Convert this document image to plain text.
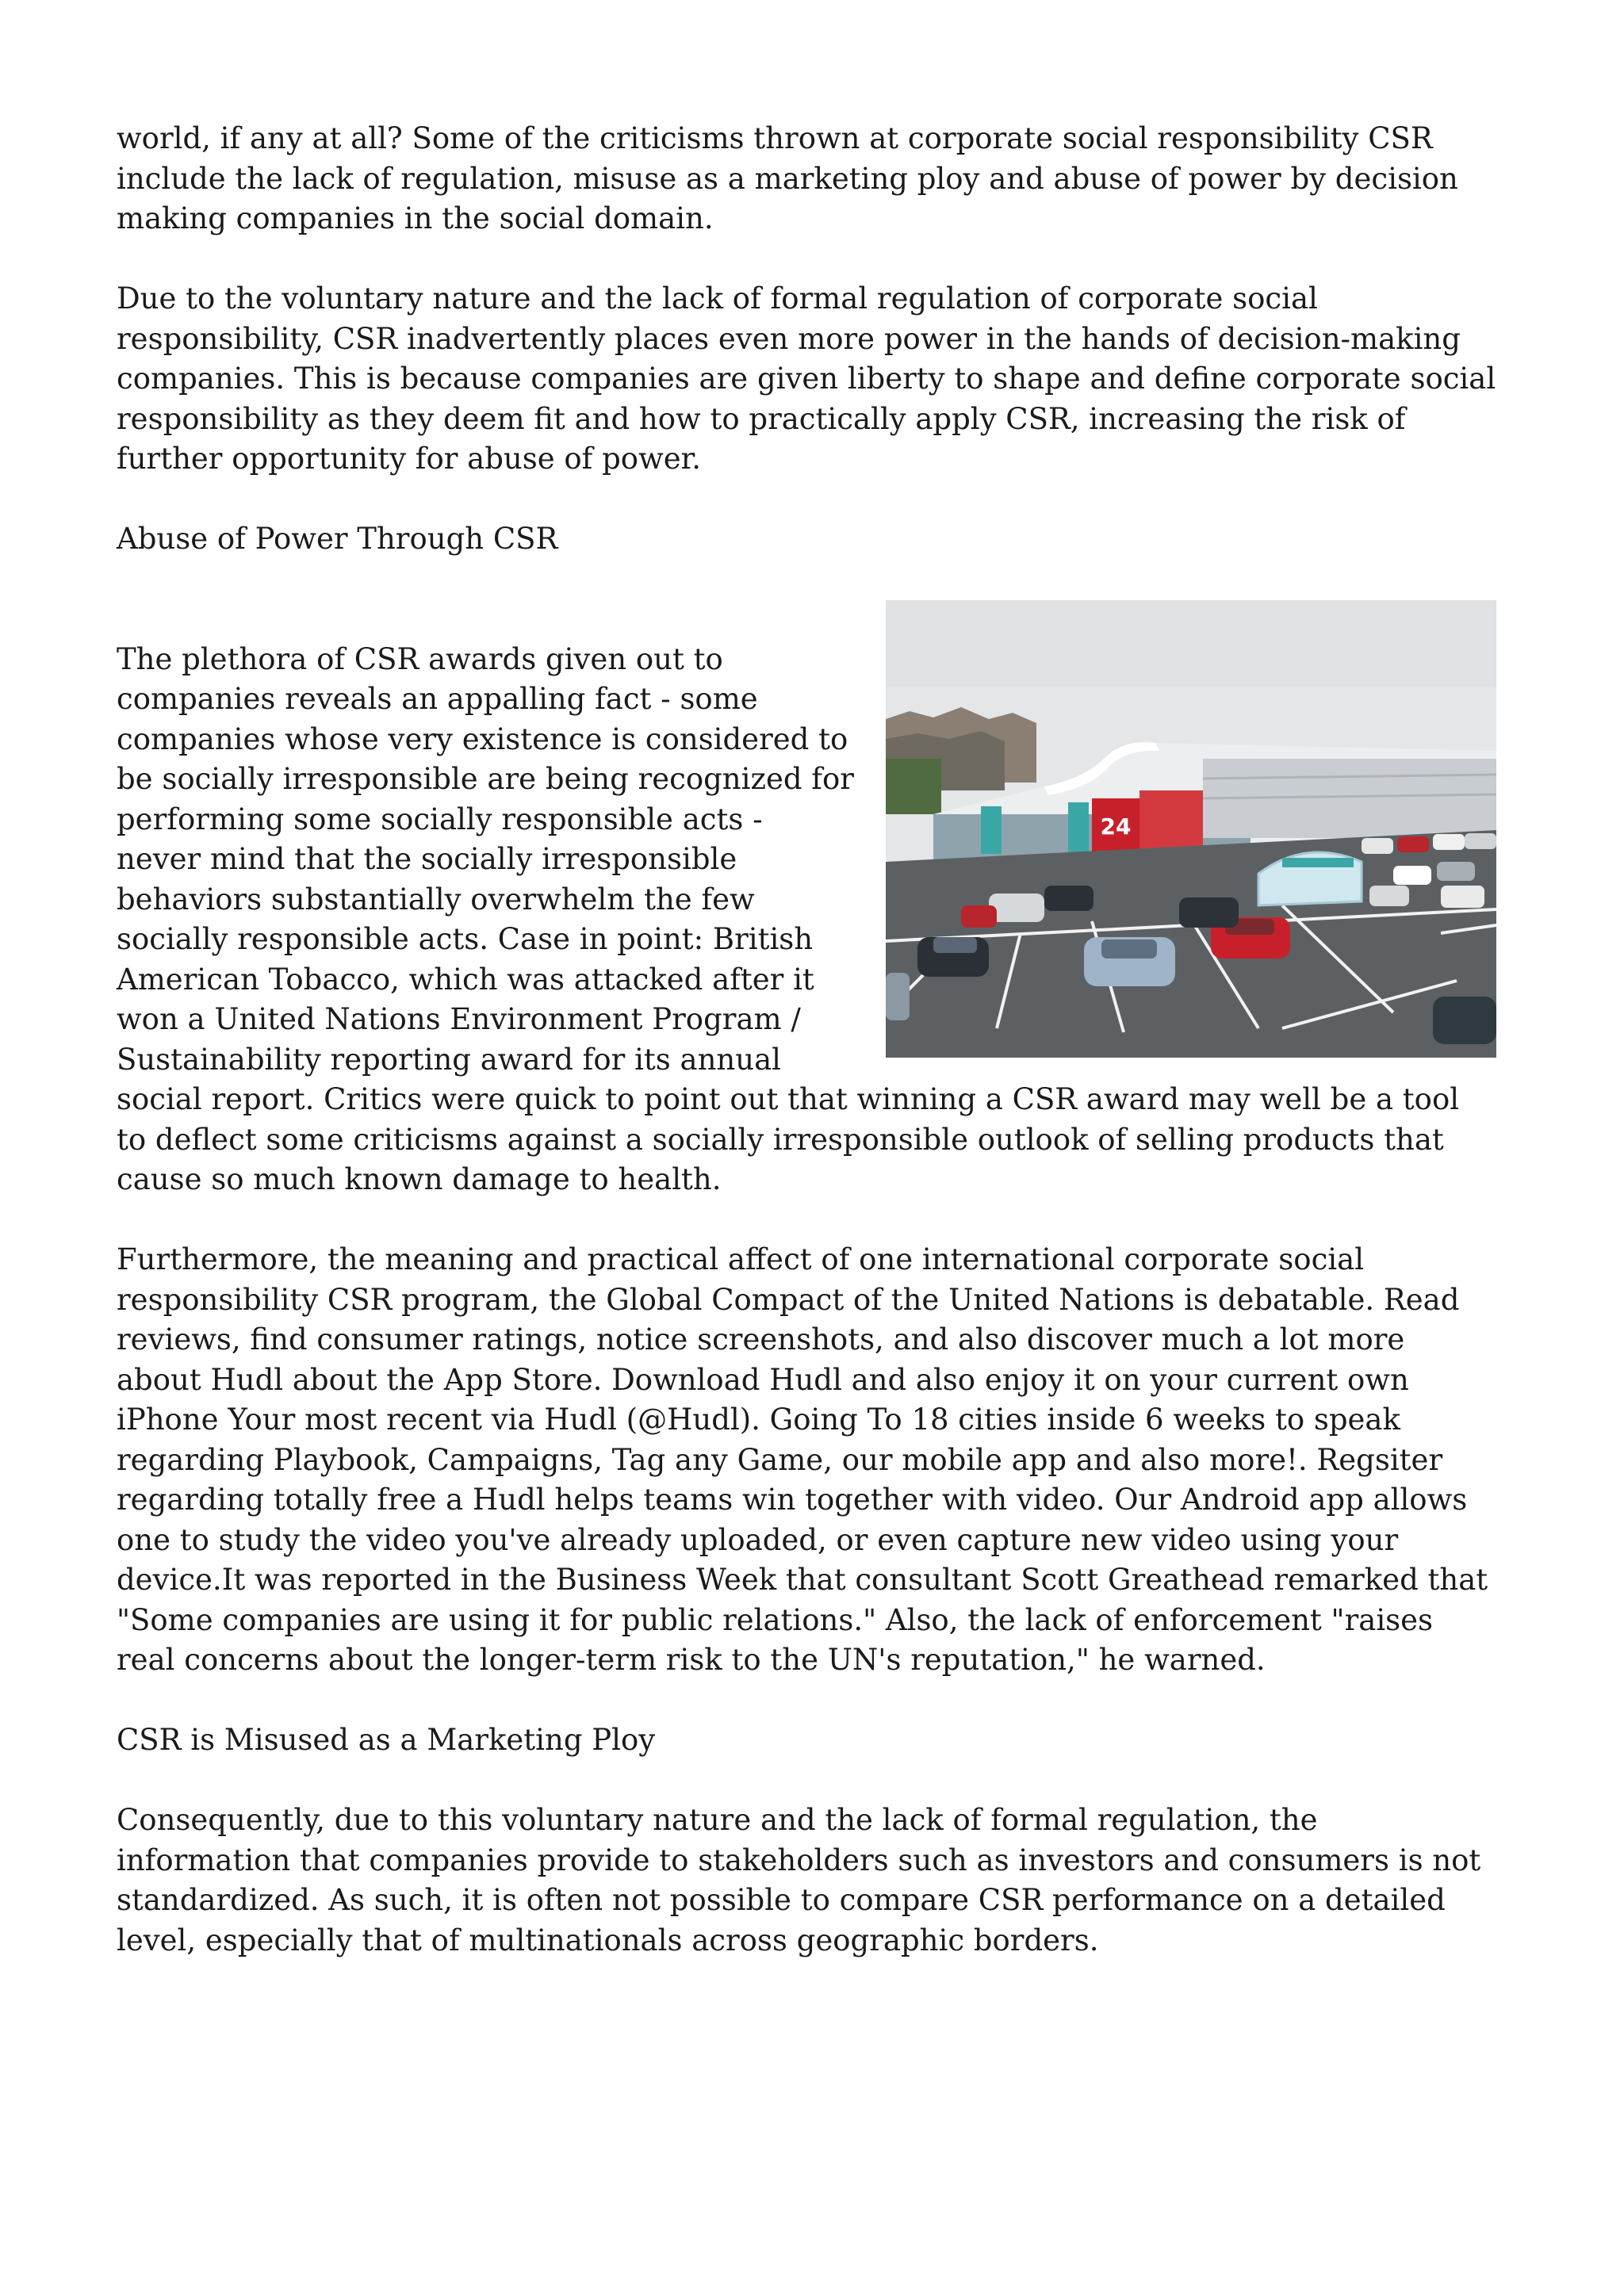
world, if any at all? Some of the criticisms thrown at corporate social responsibility CSR include the lack of regulation, misuse as a marketing ploy and abuse of power by decision making companies in the social domain.

Due to the voluntary nature and the lack of formal regulation of corporate social responsibility, CSR inadvertently places even more power in the hands of decision-making companies. This is because companies are given liberty to shape and define corporate social responsibility as they deem fit and how to practically apply CSR, increasing the risk of further opportunity for abuse of power.

Abuse of Power Through CSR

24

The plethora of CSR awards given out to companies reveals an appalling fact - some companies whose very existence is considered to be socially irresponsible are being recognized for performing some socially responsible acts - never mind that the socially irresponsible behaviors substantially overwhelm the few socially responsible acts. Case in point: British American Tobacco, which was attacked after it won a United Nations Environment Program / Sustainability reporting award for its annual social report. Critics were quick to point out that winning a CSR award may well be a tool to deflect some criticisms against a socially irresponsible outlook of selling products that cause so much known damage to health.

Furthermore, the meaning and practical affect of one international corporate social responsibility CSR program, the Global Compact of the United Nations is debatable. Read reviews, find consumer ratings, notice screenshots, and also discover much a lot more about Hudl about the App Store. Download Hudl and also enjoy it on your current own iPhone Your most recent via Hudl (@Hudl). Going To 18 cities inside 6 weeks to speak regarding Playbook, Campaigns, Tag any Game, our mobile app and also more!. Regsiter regarding totally free a Hudl helps teams win together with video. Our Android app allows one to study the video you've already uploaded, or even capture new video using your device.It was reported in the Business Week that consultant Scott Greathead remarked that "Some companies are using it for public relations." Also, the lack of enforcement "raises real concerns about the longer-term risk to the UN's reputation," he warned.

CSR is Misused as a Marketing Ploy

Consequently, due to this voluntary nature and the lack of formal regulation, the information that companies provide to stakeholders such as investors and consumers is not standardized. As such, it is often not possible to compare CSR performance on a detailed level, especially that of multinationals across geographic borders.
